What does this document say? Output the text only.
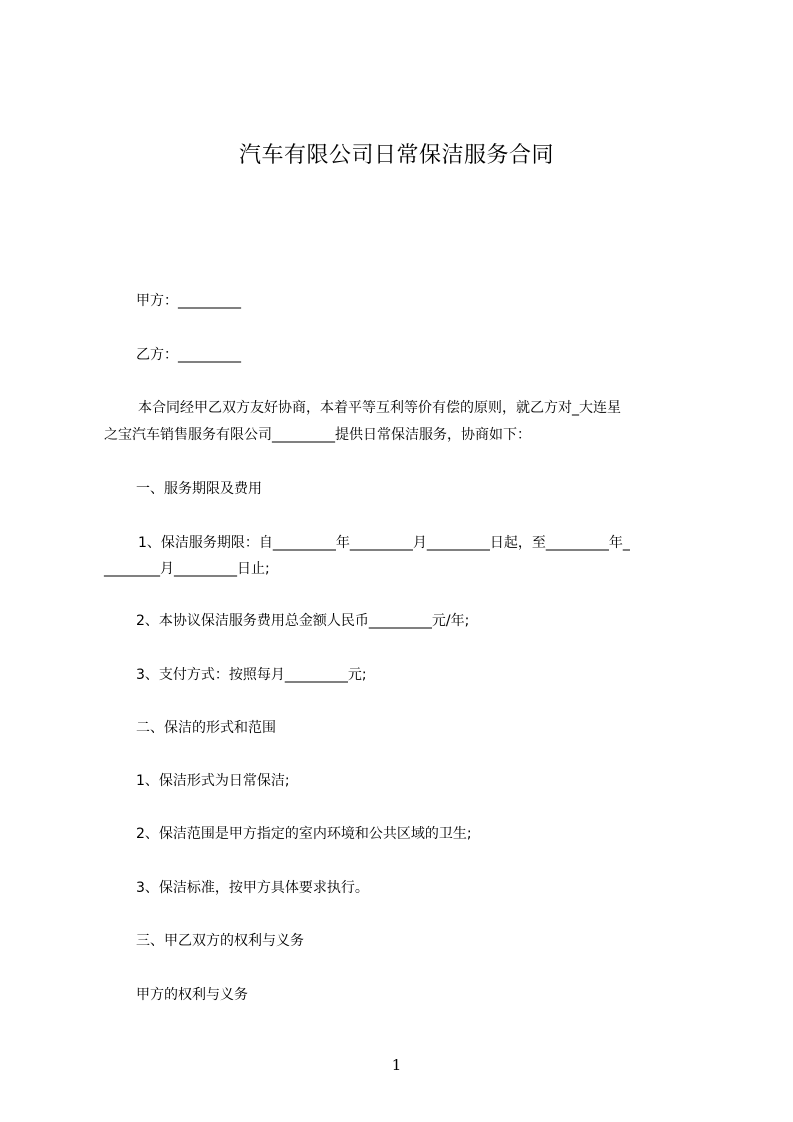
汽车有限公司日常保洁服务合同
甲方：_________
乙方：_________
本合同经甲乙双方友好协商，本着平等互利等价有偿的原则，就乙方对_大连星
之宝汽车销售服务有限公司_________提供日常保洁服务，协商如下：
一、服务期限及费用
1、保洁服务期限：自_________年_________月_________日起，至_________年_
________月_________日止;
2、本协议保洁服务费用总金额人民币_________元/年;
3、支付方式：按照每月_________元;
二、保洁的形式和范围
1、保洁形式为日常保洁;
2、保洁范围是甲方指定的室内环境和公共区域的卫生;
3、保洁标准，按甲方具体要求执行。
三、甲乙双方的权利与义务
甲方的权利与义务
1
